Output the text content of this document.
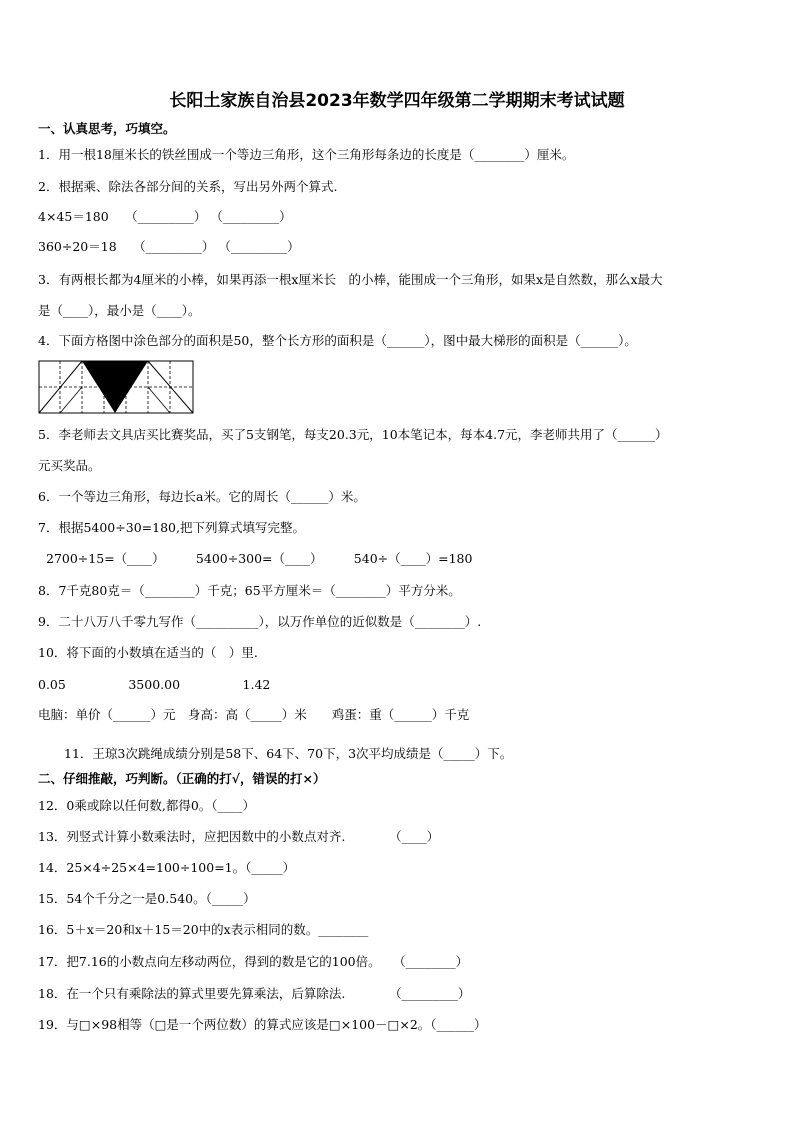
长阳土家族自治县2023年数学四年级第二学期期末考试试题
一、认真思考，巧填空。
1．用一根18厘米长的铁丝围成一个等边三角形，这个三角形每条边的长度是（________）厘米。
2．根据乘、除法各部分间的关系，写出另外两个算式.
4×45＝180　 （_________） （_________）
360÷20＝18　 （_________） （_________）
3．有两根长都为4厘米的小棒，如果再添一根x厘米长　的小棒，能围成一个三角形，如果x是自然数，那么x最大
是（____），最小是（____）。
4．下面方格图中涂色部分的面积是50，整个长方形的面积是（______），图中最大梯形的面积是（______）。
5．李老师去文具店买比赛奖品，买了5支钢笔，每支20.3元，10本笔记本，每本4.7元，李老师共用了（______）
元买奖品。
6．一个等边三角形，每边长a米。它的周长（______）米。
7．根据5400÷30=180,把下列算式填写完整。
2700÷15=（____）　　　5400÷300=（____）　　　540÷（____）=180
8．7千克80克＝（________）千克；65平方厘米＝（________）平方分米。
9．二十八万八千零九写作（__________），以万作单位的近似数是（________）.
10．将下面的小数填在适当的（　）里.
0.05　　　　　3500.00　　　　　1.42
电脑：单价（______）元　身高：高（_____）米　　鸡蛋：重（______）千克
11．王琼3次跳绳成绩分别是58下、64下、70下，3次平均成绩是（_____）下。
二、仔细推敲，巧判断。（正确的打√，错误的打×）
12．0乘或除以任何数,都得0。（____）
13．列竖式计算小数乘法时，应把因数中的小数点对齐.　　　　（____）
14．25×4÷25×4=100÷100=1。（_____）
15．54个千分之一是0.540。（_____）
16．5＋x＝20和x＋15＝20中的x表示相同的数。________
17．把7.16的小数点向左移动两位，得到的数是它的100倍。　　（________）
18．在一个只有乘除法的算式里要先算乘法，后算除法.　　　　（_________）
19．与□×98相等（□是一个两位数）的算式应该是□×100－□×2。（______）
